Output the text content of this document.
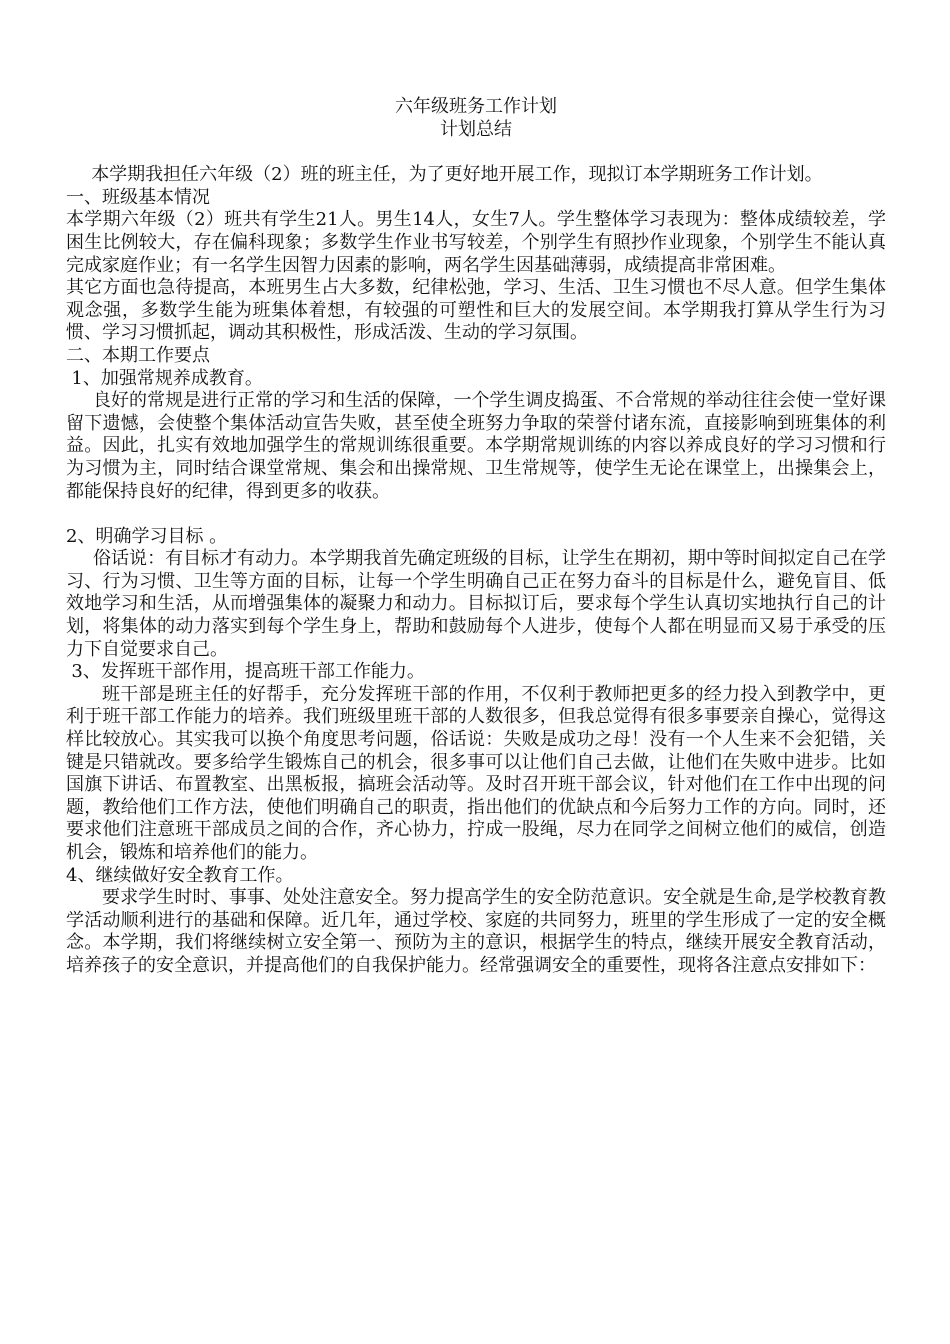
六年级班务工作计划
计划总结

本学期我担任六年级（2）班的班主任，为了更好地开展工作，现拟订本学期班务工作计划。

一、班级基本情况

本学期六年级（2）班共有学生21人。男生14人，女生7人。学生整体学习表现为：整体成绩较差，学困生比例较大，存在偏科现象；多数学生作业书写较差，个别学生有照抄作业现象，个别学生不能认真完成家庭作业；有一名学生因智力因素的影响，两名学生因基础薄弱，成绩提高非常困难。

其它方面也急待提高，本班男生占大多数，纪律松弛，学习、生活、卫生习惯也不尽人意。但学生集体观念强，多数学生能为班集体着想，有较强的可塑性和巨大的发展空间。本学期我打算从学生行为习惯、学习习惯抓起，调动其积极性，形成活泼、生动的学习氛围。

二、本期工作要点

1、加强常规养成教育。

良好的常规是进行正常的学习和生活的保障，一个学生调皮捣蛋、不合常规的举动往往会使一堂好课留下遗憾，会使整个集体活动宣告失败，甚至使全班努力争取的荣誉付诸东流，直接影响到班集体的利益。因此，扎实有效地加强学生的常规训练很重要。本学期常规训练的内容以养成良好的学习习惯和行为习惯为主，同时结合课堂常规、集会和出操常规、卫生常规等，使学生无论在课堂上，出操集会上，都能保持良好的纪律，得到更多的收获。

2、明确学习目标 。

俗话说：有目标才有动力。本学期我首先确定班级的目标，让学生在期初，期中等时间拟定自己在学习、行为习惯、卫生等方面的目标，让每一个学生明确自己正在努力奋斗的目标是什么，避免盲目、低效地学习和生活，从而增强集体的凝聚力和动力。目标拟订后，要求每个学生认真切实地执行自己的计划，将集体的动力落实到每个学生身上，帮助和鼓励每个人进步，使每个人都在明显而又易于承受的压力下自觉要求自己。

3、发挥班干部作用，提高班干部工作能力。

班干部是班主任的好帮手，充分发挥班干部的作用，不仅利于教师把更多的经力投入到教学中，更利于班干部工作能力的培养。我们班级里班干部的人数很多，但我总觉得有很多事要亲自操心，觉得这样比较放心。其实我可以换个角度思考问题，俗话说：失败是成功之母！没有一个人生来不会犯错，关键是只错就改。要多给学生锻炼自己的机会，很多事可以让他们自己去做，让他们在失败中进步。比如国旗下讲话、布置教室、出黑板报，搞班会活动等。及时召开班干部会议，针对他们在工作中出现的问题，教给他们工作方法，使他们明确自己的职责，指出他们的优缺点和今后努力工作的方向。同时，还要求他们注意班干部成员之间的合作，齐心协力，拧成一股绳，尽力在同学之间树立他们的威信，创造机会，锻炼和培养他们的能力。

4、继续做好安全教育工作。

要求学生时时、事事、处处注意安全。努力提高学生的安全防范意识。安全就是生命,是学校教育教学活动顺利进行的基础和保障。近几年，通过学校、家庭的共同努力，班里的学生形成了一定的安全概念。本学期，我们将继续树立安全第一、预防为主的意识，根据学生的特点，继续开展安全教育活动，培养孩子的安全意识，并提高他们的自我保护能力。经常强调安全的重要性，现将各注意点安排如下：
